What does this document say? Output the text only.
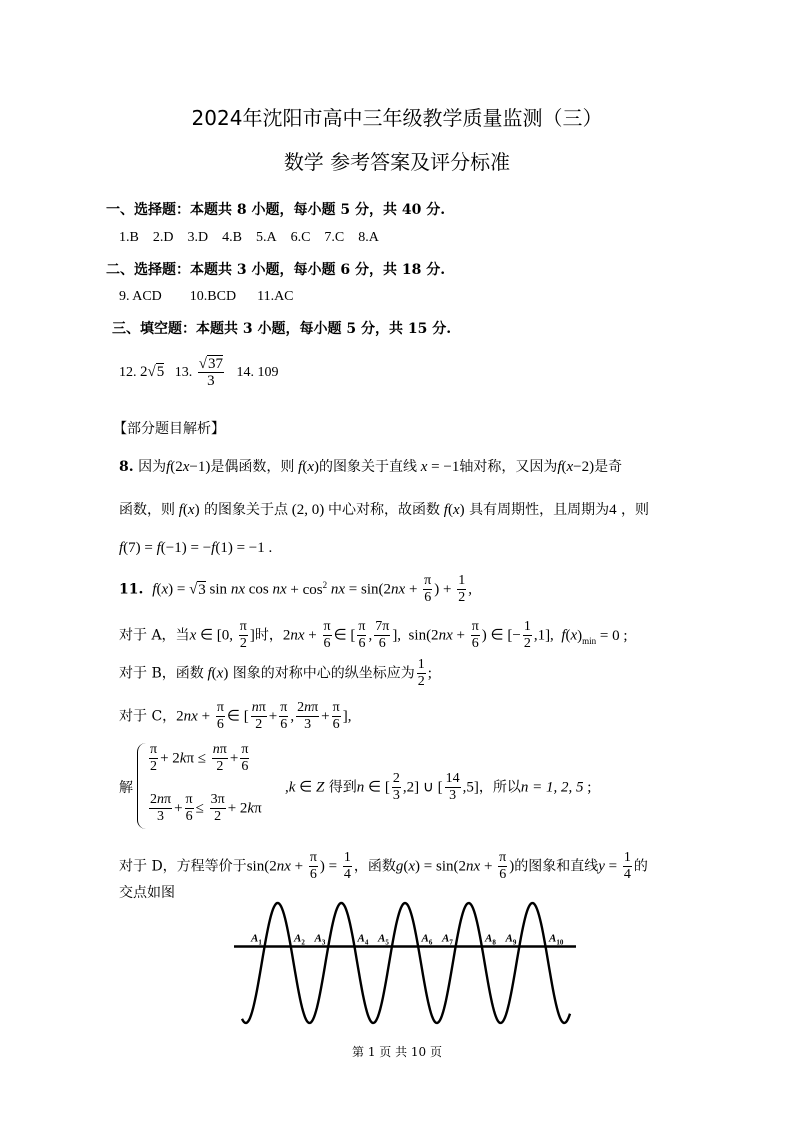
2024年沈阳市高中三年级教学质量监测（三）
数学 参考答案及评分标准
一、选择题：本题共 8 小题，每小题 5 分，共 40 分.
1.B 2.D 3.D 4.B 5.A 6.C 7.C 8.A
二、选择题：本题共 3 小题，每小题 6 分，共 18 分.
9. ACD 10.BCD 11.AC
三、填空题：本题共 3 小题，每小题 5 分，共 15 分.
12. 2√5 13. $\frac{√37}{3} 14$. 109
【部分题目解析】
8. 因为f(2x−1)是偶函数，则 f(x)的图象关于直线 x = −1轴对称，又因为f(x−2)是奇
函数，则 f(x) 的图象关于点 (2, 0) 中心对称，故函数 f(x) 具有周期性，且周期为4 ，则
f(7) = f(−1) = −f(1) = −1 .
11. f(x) = √3 sin nx cos nx + $\cos^2$ nx = $\sin(2nx + \frac{\pi}{6}$ ) + $\frac{1}{2}$ ,
对于 A，当x ∈ [0, $\frac{\pi}{2}$ ]时，$2nx + \frac{\pi}{6}$ ∈ [ $\frac{\pi}{6}$ , $\frac{7\pi}{6}$ ],  $\sin(2nx + \frac{\pi}{6}$ ) ∈ [− $\frac{1}{2} ,1$],  $f(x)_{min} = 0$ ;
对于 B，函数 f(x) 图象的对称中心的纵坐标应为 $\frac{1}{2}$ ;
对于 C，$2nx + \frac{\pi}{6}$ ∈ [ $\frac{n\pi}{2} + \frac{\pi}{6}$ , $\frac{2n\pi}{3} + \frac{\pi}{6}$ ],
解
$\frac{\pi}{2} + 2k\pi \le \frac{n\pi}{2} + \frac{\pi}{6}$
$\frac{2n\pi}{3} + \frac{\pi}{6} \le \frac{3\pi}{2} + 2k\pi$
,k ∈ Z 得到n ∈ [ $\frac{2}{3} ,2$] ∪ [ $\frac{14}{3} ,5$]，所以n = 1, 2, 5 ;
对于 D，方程等价于$\sin(2nx + \frac{\pi}{6}$ ) = $\frac{1}{4}$ ，函数$g(x) = \sin(2nx + \frac{\pi}{6}$ )的图象和直线$y = \frac{1}{4}$ 的
交点如图
$A_1$	$A_2$ $A_3$	$A_4$ $A_5$	$A_6$ $A_7$	$A_8$ $A_9$	$A_{10}$
第 1 页 共 10 页
